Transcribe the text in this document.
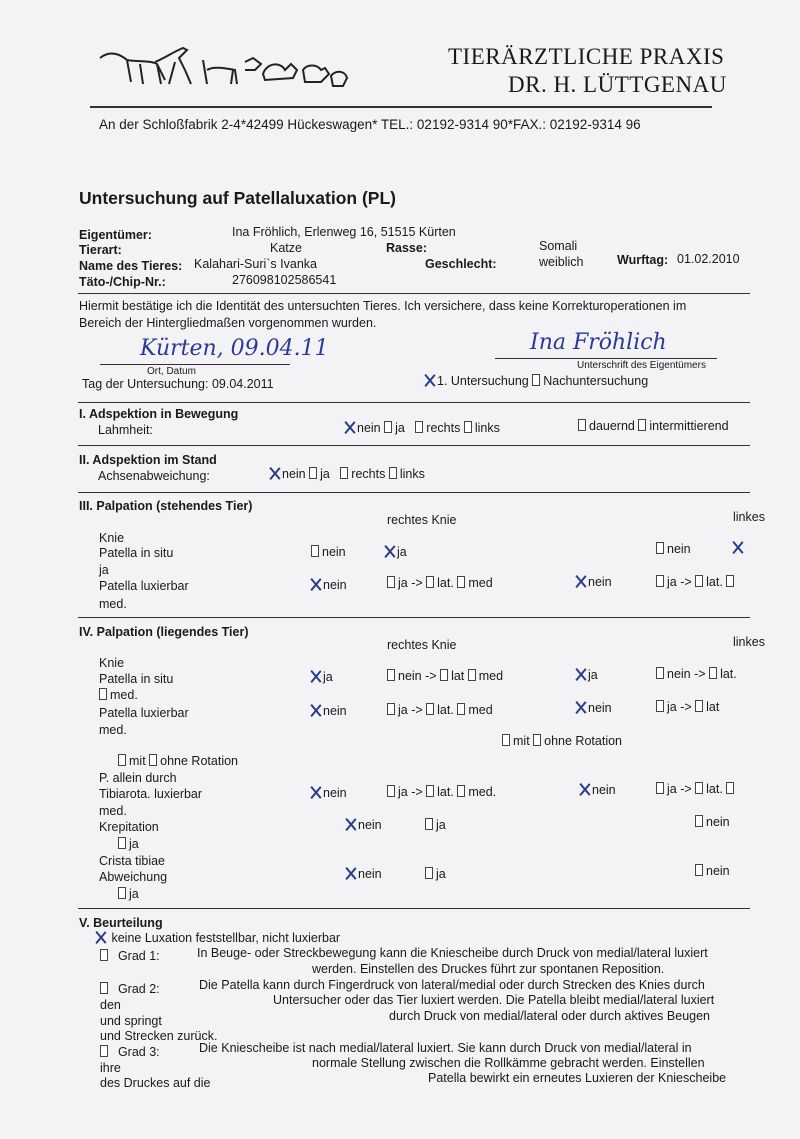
TIERÄRZTLICHE PRAXIS
DR. H. LÜTTGENAU
An der Schloßfabrik 2-4*42499 Hückeswagen* TEL.: 02192-9314 90*FAX.: 02192-9314 96
Untersuchung auf Patellaluxation (PL)
Eigentümer:	Ina Fröhlich, Erlenweg 16, 51515 Kürten
Tierart:	Katze	Rasse:	Somali
Name des Tieres: Kalahari-Suri`s Ivanka	Geschlecht:	weiblich	Wurftag: 01.02.2010
Täto-/Chip-Nr.:	276098102586541
Hiermit bestätige ich die Identität des untersuchten Tieres. Ich versichere, dass keine Korrekturoperationen im
Bereich der Hintergliedmaßen vorgenommen wurden.
Kürten, 09.04.11
Ort, Datum
Ina Fröhlich
Unterschrift des Eigentümers
Tag der Untersuchung: 09.04.2011	1. Untersuchung Nachuntersuchung
I. Adspektion in Bewegung
Lahmheit:	nein ja rechts links	dauernd intermittierend
II. Adspektion im Stand
Achsenabweichung:	nein ja rechts links
III. Palpation (stehendes Tier)
rechtes Knie	linkes
Knie
Patella in situ	nein	ja	nein
ja
Patella luxierbar	nein	ja -> lat. med	nein	ja -> lat.
med.
IV. Palpation (liegendes Tier)
rechtes Knie	linkes
Knie
Patella in situ	ja	nein -> lat med	ja	nein -> lat.
med.
Patella luxierbar	nein	ja -> lat. med	nein	ja -> lat
med.
mit ohne Rotation
mit ohne Rotation
P. allein durch
Tibiarota. luxierbar	nein	ja -> lat. med.	nein	ja -> lat.
med.
Krepitation	nein	ja	nein
ja
Crista tibiae
Abweichung	nein	ja	nein
ja
V. Beurteilung
keine Luxation feststellbar, nicht luxierbar
Grad 1:	In Beuge- oder Streckbewegung kann die Kniescheibe durch Druck von medial/lateral luxiert
werden. Einstellen des Druckes führt zur spontanen Reposition.
Grad 2:	Die Patella kann durch Fingerdruck von lateral/medial oder durch Strecken des Knies durch
den	Untersucher oder das Tier luxiert werden. Die Patella bleibt medial/lateral luxiert
und springt	durch Druck von medial/lateral oder durch aktives Beugen
und Strecken zurück.
Grad 3:	Die Kniescheibe ist nach medial/lateral luxiert. Sie kann durch Druck von medial/lateral in
ihre	normale Stellung zwischen die Rollkämme gebracht werden. Einstellen
des Druckes auf die	Patella bewirkt ein erneutes Luxieren der Kniescheibe
